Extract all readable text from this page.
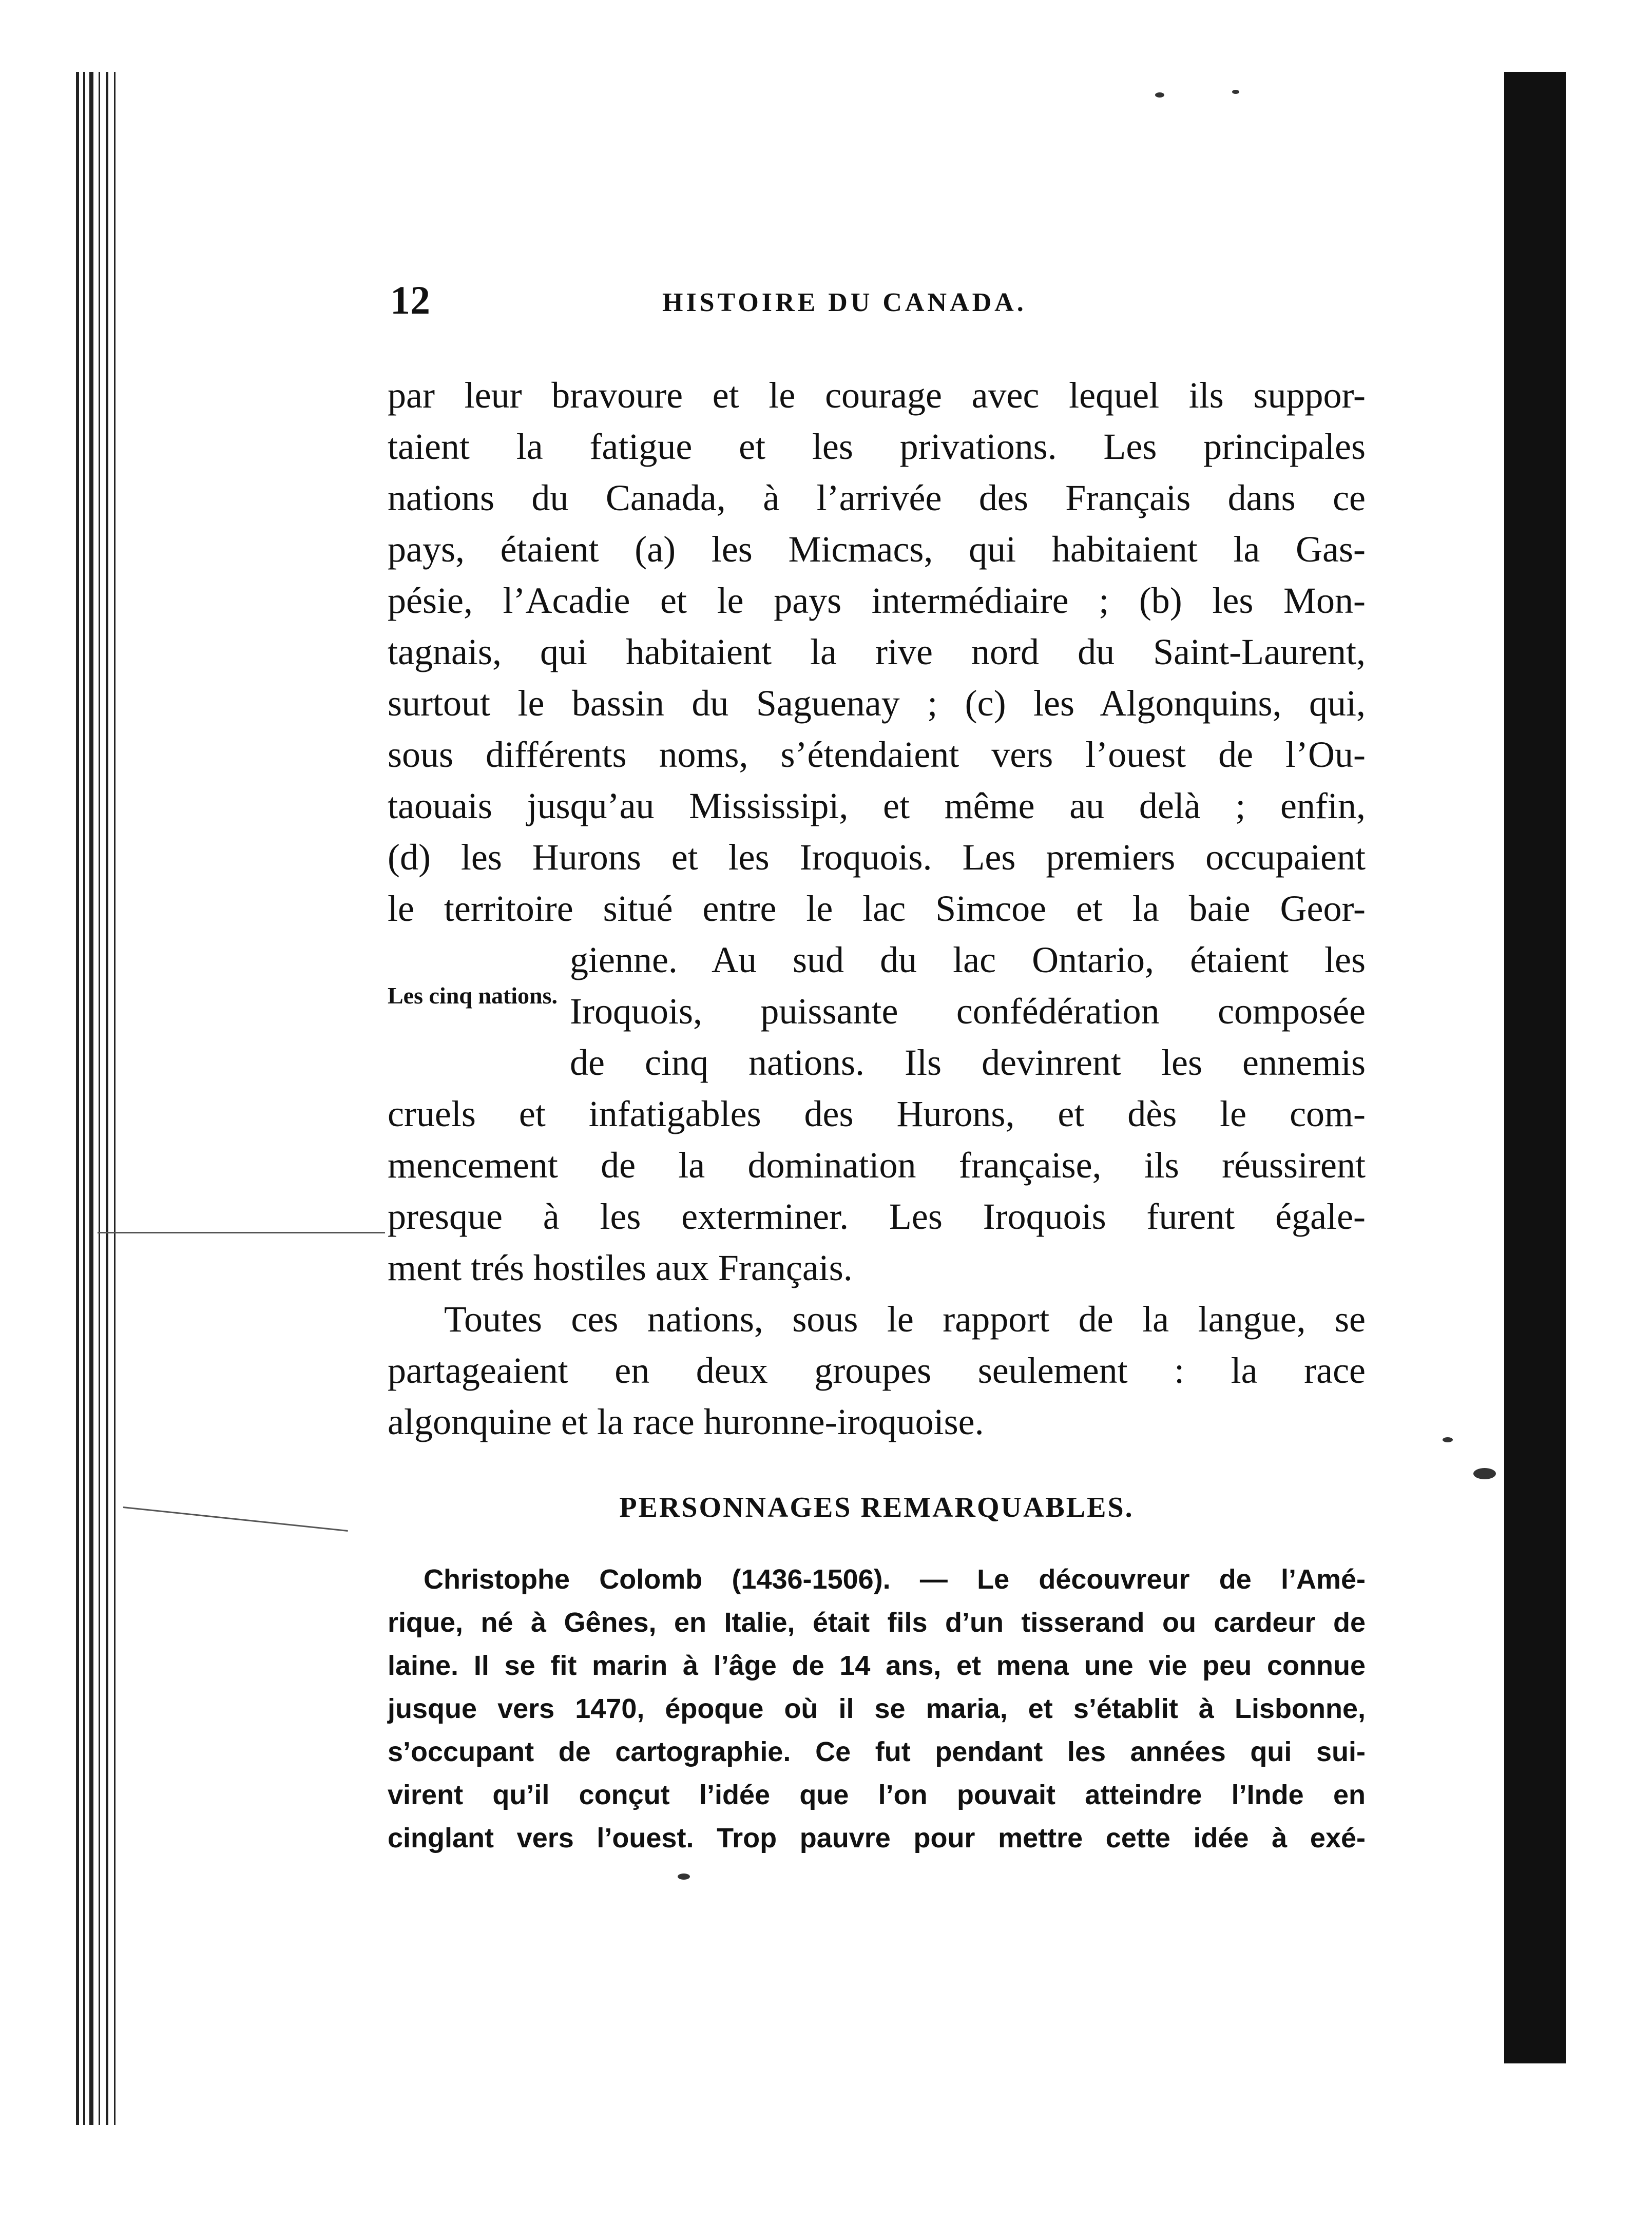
12	HISTOIRE DU CANADA.
par leur bravoure et le courage avec lequel ils suppor-
taient la fatigue et les privations. Les principales
nations du Canada, à l’arrivée des Français dans ce
pays, étaient (a) les Micmacs, qui habitaient la Gas-
pésie, l’Acadie et le pays intermédiaire ; (b) les Mon-
tagnais, qui habitaient la rive nord du Saint-Laurent,
surtout le bassin du Saguenay ; (c) les Algonquins, qui,
sous différents noms, s’étendaient vers l’ouest de l’Ou-
taouais jusqu’au Mississipi, et même au delà ; enfin,
(d) les Hurons et les Iroquois. Les premiers occupaient
le territoire situé entre le lac Simcoe et la baie Geor-
gienne. Au sud du lac Ontario, étaient les
Iroquois, puissante confédération composée
de cinq nations. Ils devinrent les ennemis
cruels et infatigables des Hurons, et dès le com-
mencement de la domination française, ils réussirent
presque à les exterminer. Les Iroquois furent égale-
ment trés hostiles aux Français.
Toutes ces nations, sous le rapport de la langue, se
partageaient en deux groupes seulement : la race
algonquine et la race huronne-iroquoise.
Les cinq nations.
PERSONNAGES REMARQUABLES.
Christophe Colomb (1436-1506). — Le découvreur de l’Amé-
rique, né à Gênes, en Italie, était fils d’un tisserand ou cardeur de
laine. Il se fit marin à l’âge de 14 ans, et mena une vie peu connue
jusque vers 1470, époque où il se maria, et s’établit à Lisbonne,
s’occupant de cartographie. Ce fut pendant les années qui sui-
virent qu’il conçut l’idée que l’on pouvait atteindre l’Inde en
cinglant vers l’ouest. Trop pauvre pour mettre cette idée à exé-
